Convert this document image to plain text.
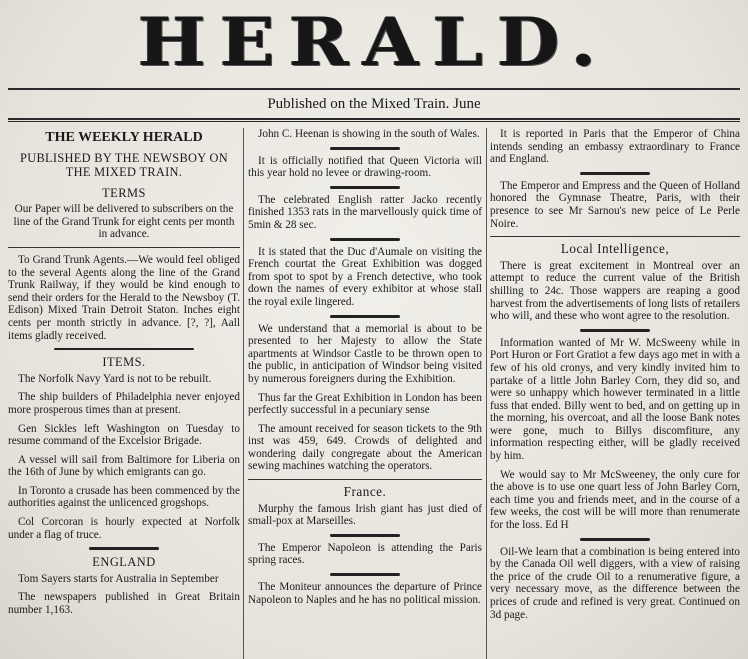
HERALD.
Published on the Mixed Train. June
THE WEEKLY HERALD
PUBLISHED BY THE NEWSBOY ON THE MIXED TRAIN.
TERMS

Our Paper will be delivered to subscribers on the line of the Grand Trunk for eight cents per month in advance.

To Grand Trunk Agents.—We would feel obliged to the several Agents along the line of the Grand Trunk Railway, if they would be kind enough to send their orders for the Herald to the Newsboy (T. Edison) Mixed Train Detroit Staton. Inches eight cents per month strictly in advance. [?, ?], Aall items gladly received.

ITEMS.

The Norfolk Navy Yard is not to be rebuilt.

The ship builders of Philadelphia never enjoyed more prosperous times than at present.

Gen Sickles left Washington on Tuesday to resume command of the Excelsior Brigade.

A vessel will sail from Baltimore for Liberia on the 16th of June by which emigrants can go.

In Toronto a crusade has been commenced by the authorities against the unlicenced grogshops.

Col Corcoran is hourly expected at Norfolk under a flag of truce.

ENGLAND

Tom Sayers starts for Australia in September

The newspapers published in Great Britain number 1,163.

John C. Heenan is showing in the south of Wales.

It is officially notified that Queen Victoria will this year hold no levee or drawing-room.

The celebrated English ratter Jacko recently finished 1353 rats in the marvellously quick time of 5min & 28 sec.

It is stated that the Duc d'Aumale on visiting the French courtat the Great Exhibition was dogged from spot to spot by a French detective, who took down the names of every exhibitor at whose stall the royal exile lingered.

We understand that a memorial is about to be presented to her Majesty to allow the State apartments at Windsor Castle to be thrown open to the public, in anticipation of Windsor being visited by numerous foreigners during the Exhibition.

Thus far the Great Exhibition in London has been perfectly successful in a pecuniary sense

The amount received for season tickets to the 9th inst was 459, 649. Crowds of delighted and wondering daily congregate about the American sewing machines watching the operators.

France.

Murphy the famous Irish giant has just died of small-pox at Marseilles.

The Emperor Napoleon is attending the Paris spring races.

The Moniteur announces the departure of Prince Napoleon to Naples and he has no political mission.

It is reported in Paris that the Emperor of China intends sending an embassy extraordinary to France and England.

The Emperor and Empress and the Queen of Holland honored the Gymnase Theatre, Paris, with their presence to see Mr Sarnou's new peice of Le Perle Noire.

Local Intelligence,

There is great excitement in Montreal over an attempt to reduce the current value of the British shilling to 24c. Those wappers are reaping a good harvest from the advertisements of long lists of retailers who will, and these who wont agree to the resolution.

Information wanted of Mr W. McSweeny while in Port Huron or Fort Gratiot a few days ago met in with a few of his old cronys, and very kindly invited him to partake of a little John Barley Corn, they did so, and were so unhappy which however terminated in a little fuss that ended. Billy went to bed, and on getting up in the morning, his overcoat, and all the loose Bank notes were gone, much to Billys discomfiture, any information respecting either, will be gladly received by him.

We would say to Mr McSweeney, the only cure for the above is to use one quart less of John Barley Corn, each time you and friends meet, and in the course of a few weeks, the cost will be will more than renumerate for the loss. Ed H

Oil-We learn that a combination is being entered into by the Canada Oil well diggers, with a view of raising the price of the crude Oil to a renumerative figure, a very necessary move, as the difference between the prices of crude and refined is very great. Continued on 3d page.
